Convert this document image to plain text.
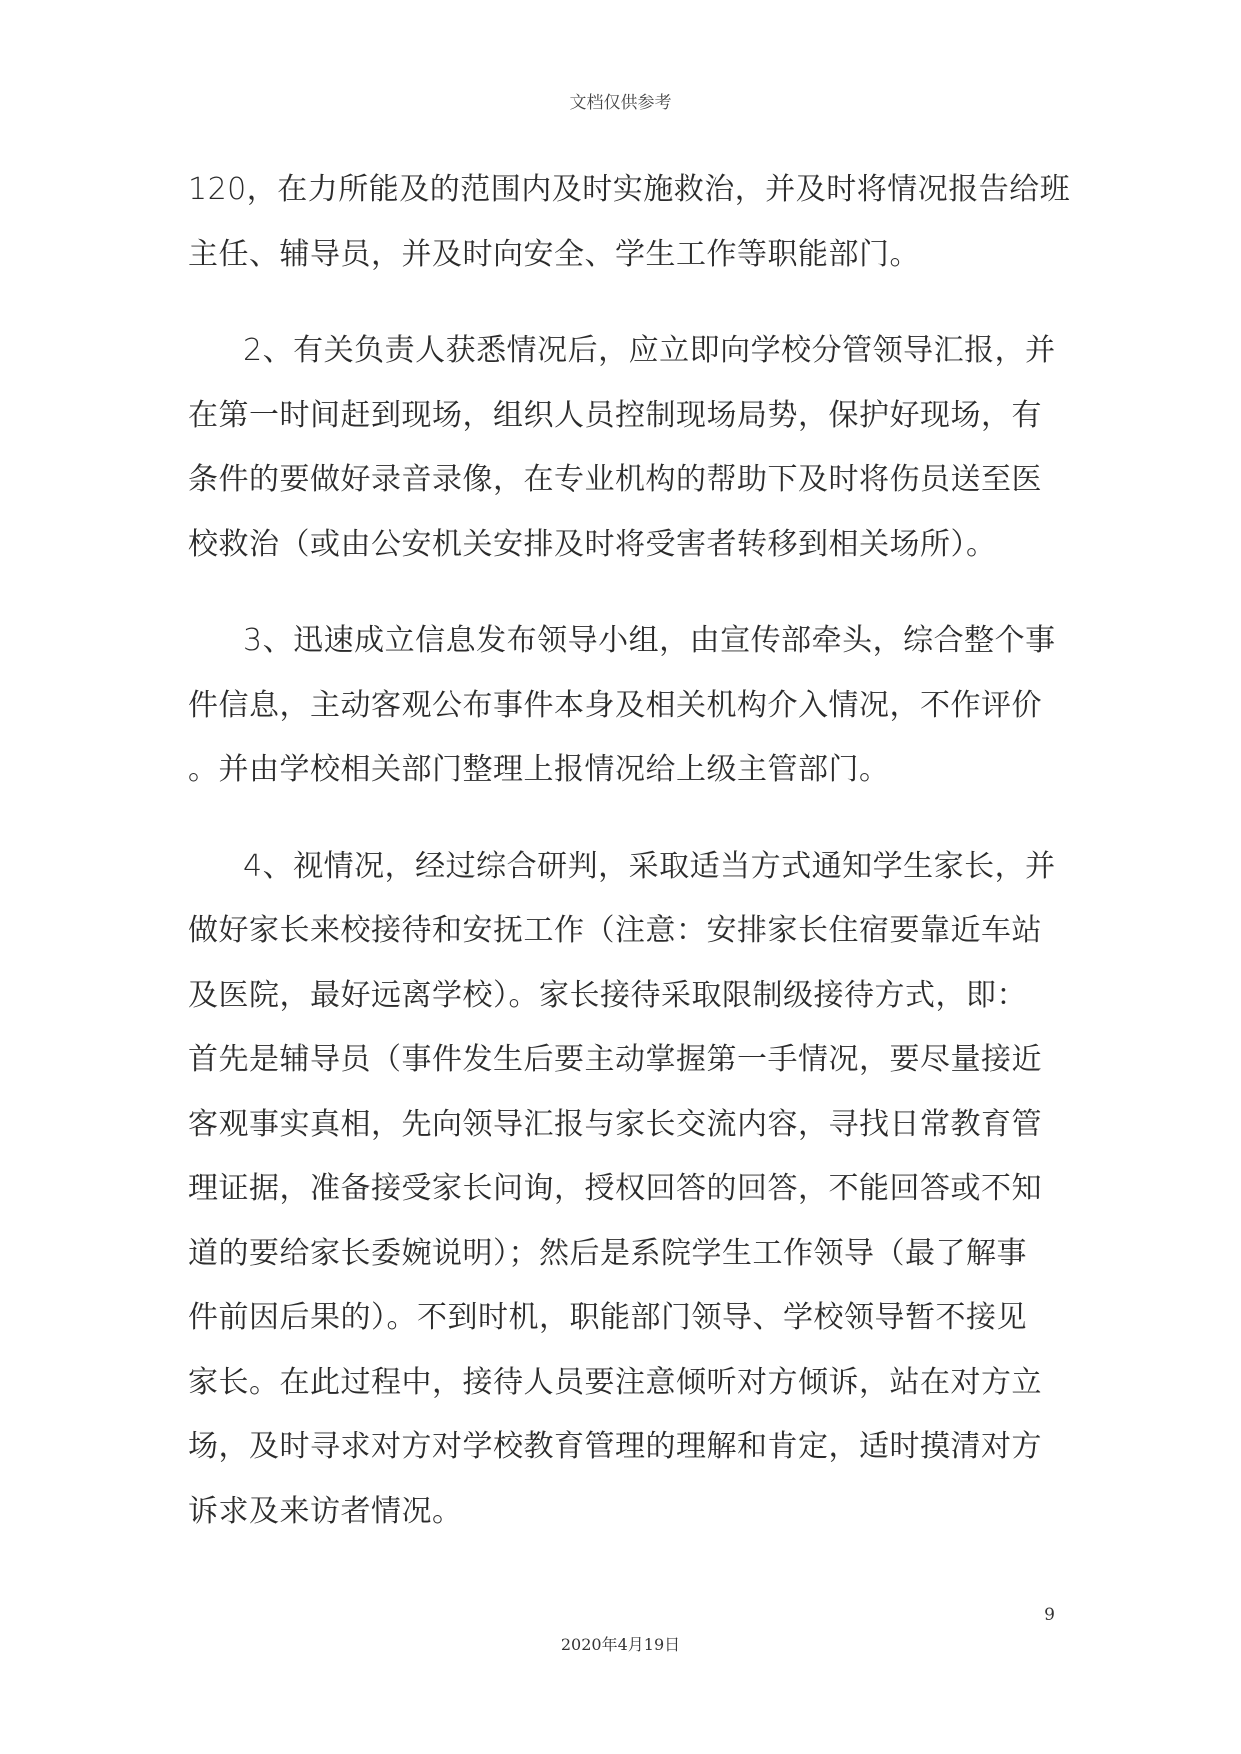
文档仅供参考
120，在力所能及的范围内及时实施救治，并及时将情况报告给班
主任、辅导员，并及时向安全、学生工作等职能部门。
2、有关负责人获悉情况后，应立即向学校分管领导汇报，并
在第一时间赶到现场，组织人员控制现场局势，保护好现场，有
条件的要做好录音录像，在专业机构的帮助下及时将伤员送至医
校救治（或由公安机关安排及时将受害者转移到相关场所）。
3、迅速成立信息发布领导小组，由宣传部牵头，综合整个事
件信息，主动客观公布事件本身及相关机构介入情况，不作评价
。并由学校相关部门整理上报情况给上级主管部门。
4、视情况，经过综合研判，采取适当方式通知学生家长，并
做好家长来校接待和安抚工作（注意：安排家长住宿要靠近车站
及医院，最好远离学校）。家长接待采取限制级接待方式，即：
首先是辅导员（事件发生后要主动掌握第一手情况，要尽量接近
客观事实真相，先向领导汇报与家长交流内容，寻找日常教育管
理证据，准备接受家长问询，授权回答的回答，不能回答或不知
道的要给家长委婉说明）；然后是系院学生工作领导（最了解事
件前因后果的）。不到时机，职能部门领导、学校领导暂不接见
家长。在此过程中，接待人员要注意倾听对方倾诉，站在对方立
场，及时寻求对方对学校教育管理的理解和肯定，适时摸清对方
诉求及来访者情况。
9
2020年4月19日
